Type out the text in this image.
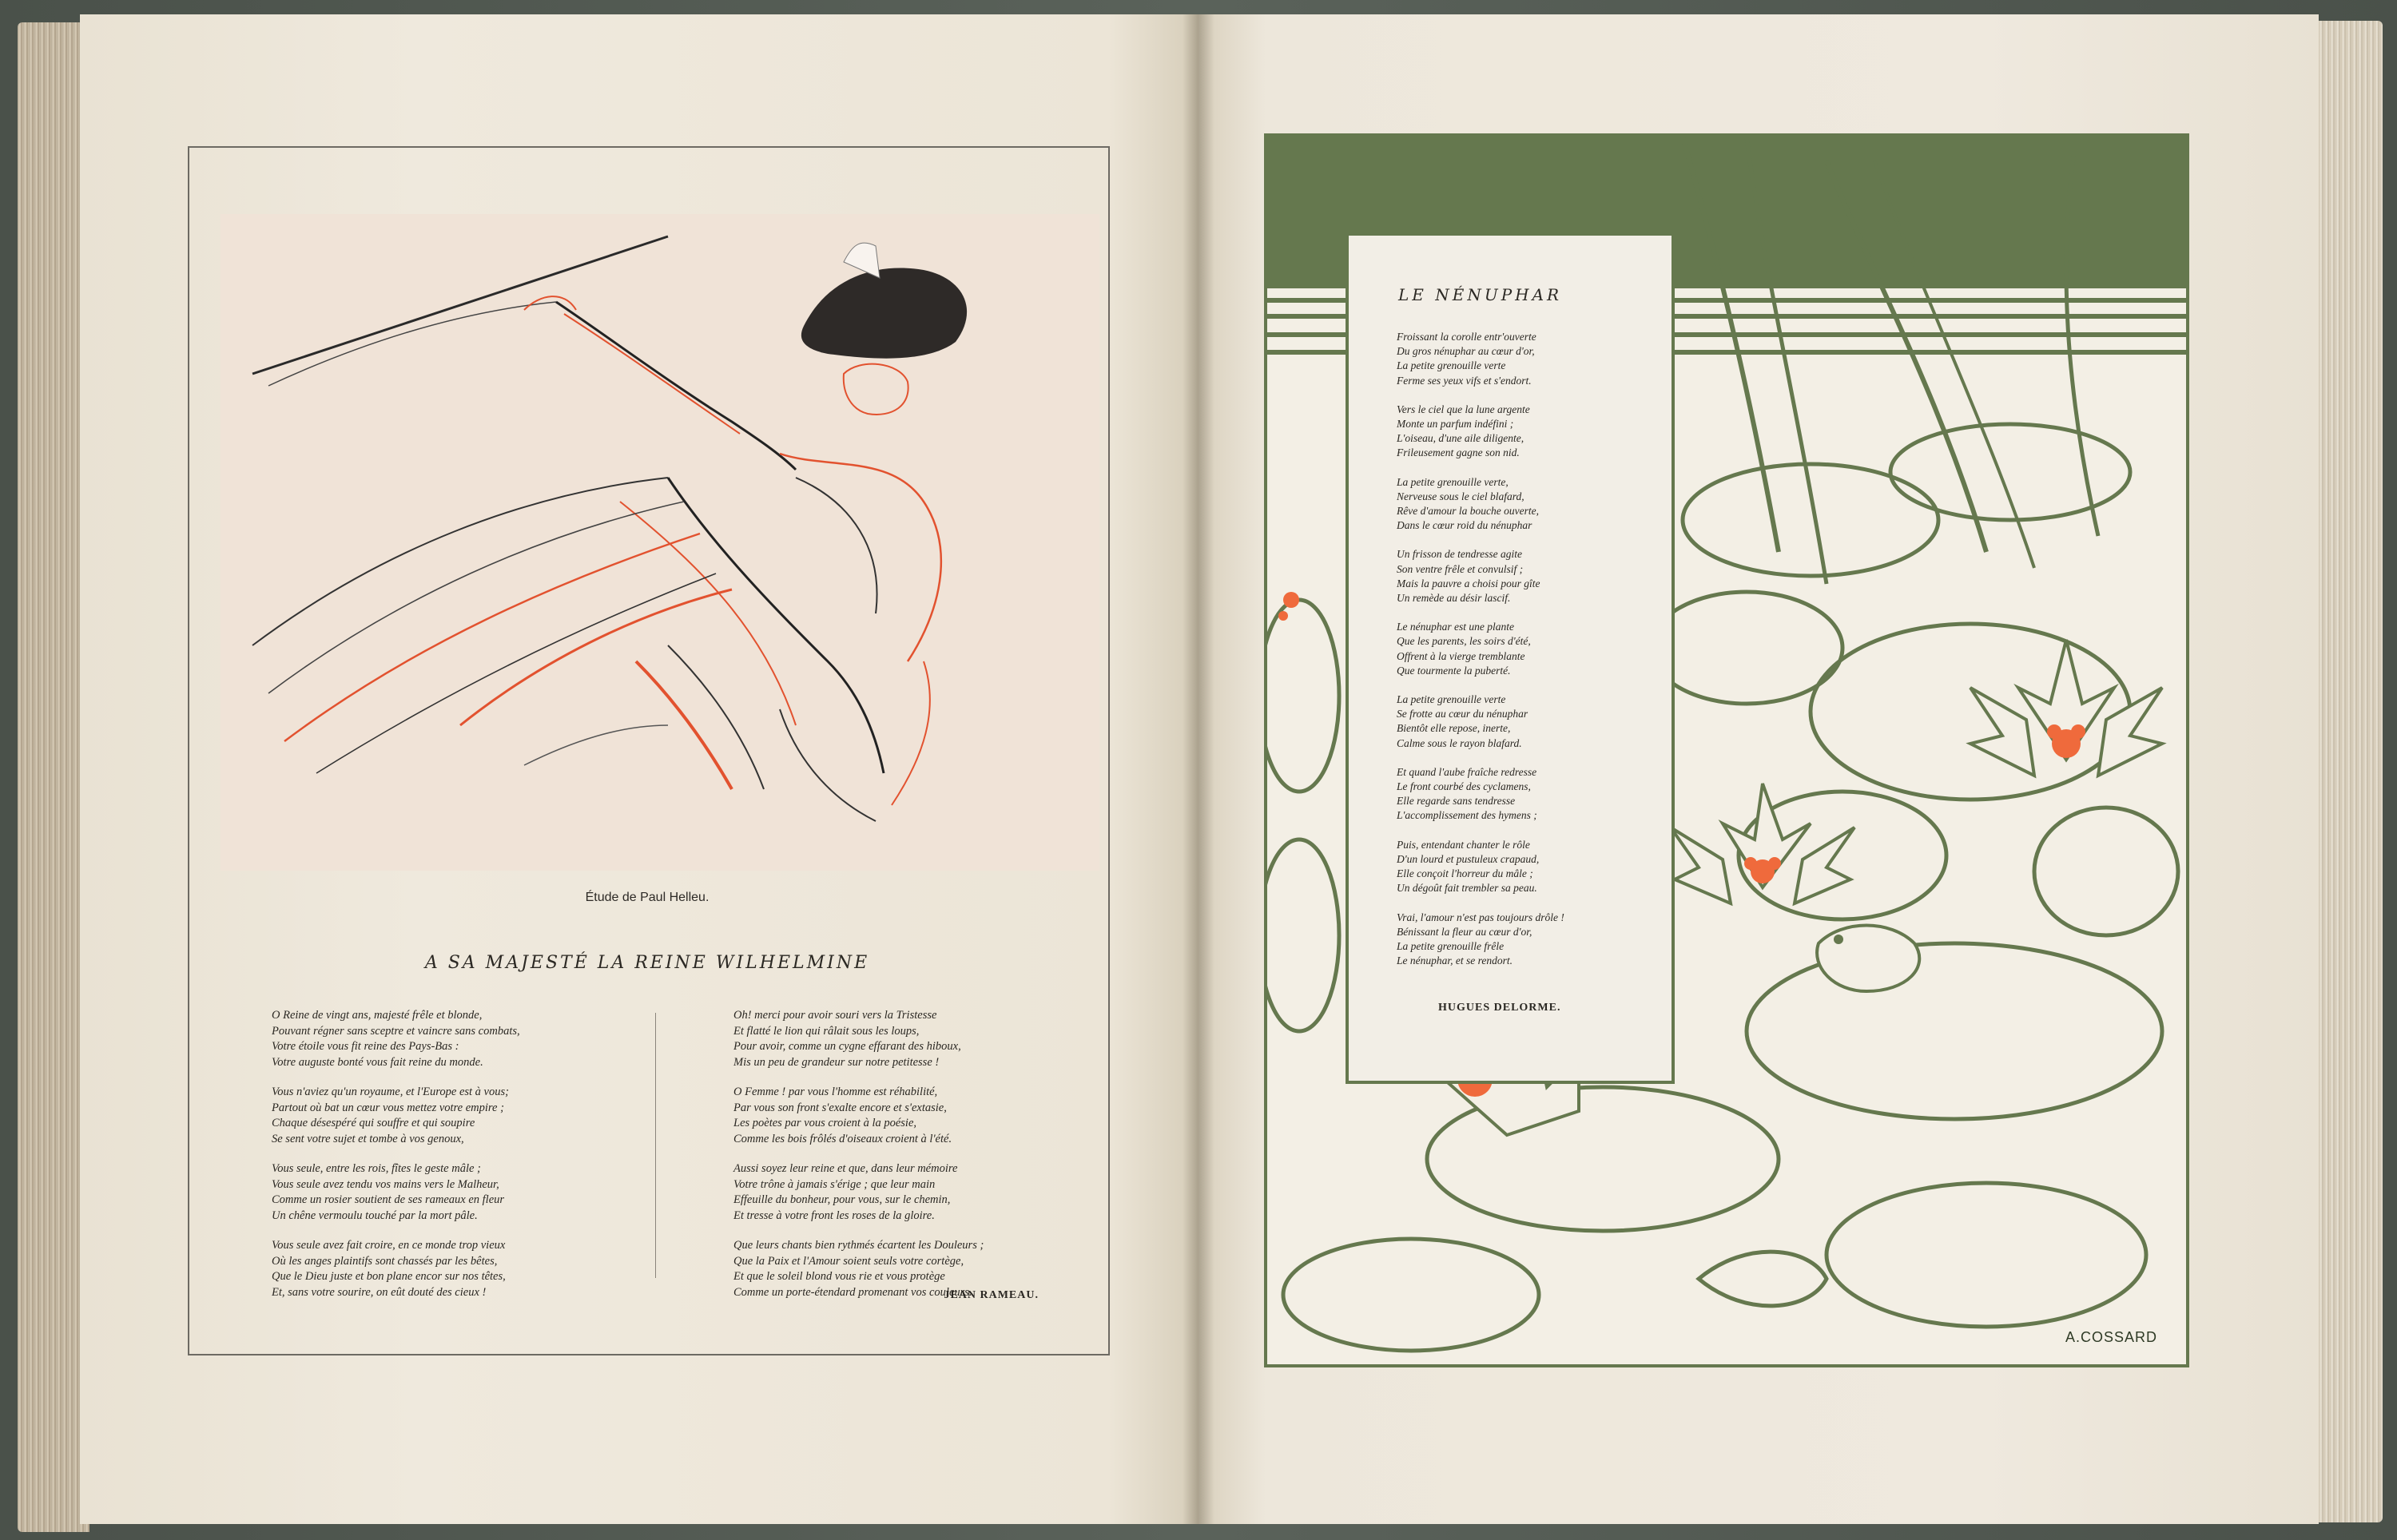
Étude de Paul Helleu.
A SA MAJESTÉ LA REINE WILHELMINE
O Reine de vingt ans, majesté frêle et blonde,
Pouvant régner sans sceptre et vaincre sans combats,
Votre étoile vous fit reine des Pays-Bas :
Votre auguste bonté vous fait reine du monde.
Vous n'aviez qu'un royaume, et l'Europe est à vous;
Partout où bat un cœur vous mettez votre empire ;
Chaque désespéré qui souffre et qui soupire
Se sent votre sujet et tombe à vos genoux,
Vous seule, entre les rois, fîtes le geste mâle ;
Vous seule avez tendu vos mains vers le Malheur,
Comme un rosier soutient de ses rameaux en fleur
Un chêne vermoulu touché par la mort pâle.
Vous seule avez fait croire, en ce monde trop vieux
Où les anges plaintifs sont chassés par les bêtes,
Que le Dieu juste et bon plane encor sur nos têtes,
Et, sans votre sourire, on eût douté des cieux !
Oh! merci pour avoir souri vers la Tristesse
Et flatté le lion qui râlait sous les loups,
Pour avoir, comme un cygne effarant des hiboux,
Mis un peu de grandeur sur notre petitesse !
O Femme ! par vous l'homme est réhabilité,
Par vous son front s'exalte encore et s'extasie,
Les poètes par vous croient à la poésie,
Comme les bois frôlés d'oiseaux croient à l'été.
Aussi soyez leur reine et que, dans leur mémoire
Votre trône à jamais s'érige ; que leur main
Effeuille du bonheur, pour vous, sur le chemin,
Et tresse à votre front les roses de la gloire.
Que leurs chants bien rythmés écartent les Douleurs ;
Que la Paix et l'Amour soient seuls votre cortège,
Et que le soleil blond vous rie et vous protège
Comme un porte-étendard promenant vos couleurs.
JEAN RAMEAU.
LE NÉNUPHAR
Froissant la corolle entr'ouverte
Du gros nénuphar au cœur d'or,
La petite grenouille verte
Ferme ses yeux vifs et s'endort.
Vers le ciel que la lune argente
Monte un parfum indéfini ;
L'oiseau, d'une aile diligente,
Frileusement gagne son nid.
La petite grenouille verte,
Nerveuse sous le ciel blafard,
Rêve d'amour la bouche ouverte,
Dans le cœur roid du nénuphar
Un frisson de tendresse agite
Son ventre frêle et convulsif ;
Mais la pauvre a choisi pour gîte
Un remède au désir lascif.
Le nénuphar est une plante
Que les parents, les soirs d'été,
Offrent à la vierge tremblante
Que tourmente la puberté.
La petite grenouille verte
Se frotte au cœur du nénuphar
Bientôt elle repose, inerte,
Calme sous le rayon blafard.
Et quand l'aube fraîche redresse
Le front courbé des cyclamens,
Elle regarde sans tendresse
L'accomplissement des hymens ;
Puis, entendant chanter le rôle
D'un lourd et pustuleux crapaud,
Elle conçoit l'horreur du mâle ;
Un dégoût fait trembler sa peau.
Vrai, l'amour n'est pas toujours drôle !
Bénissant la fleur au cœur d'or,
La petite grenouille frêle
Le nénuphar, et se rendort.
HUGUES DELORME.
A.COSSARD
